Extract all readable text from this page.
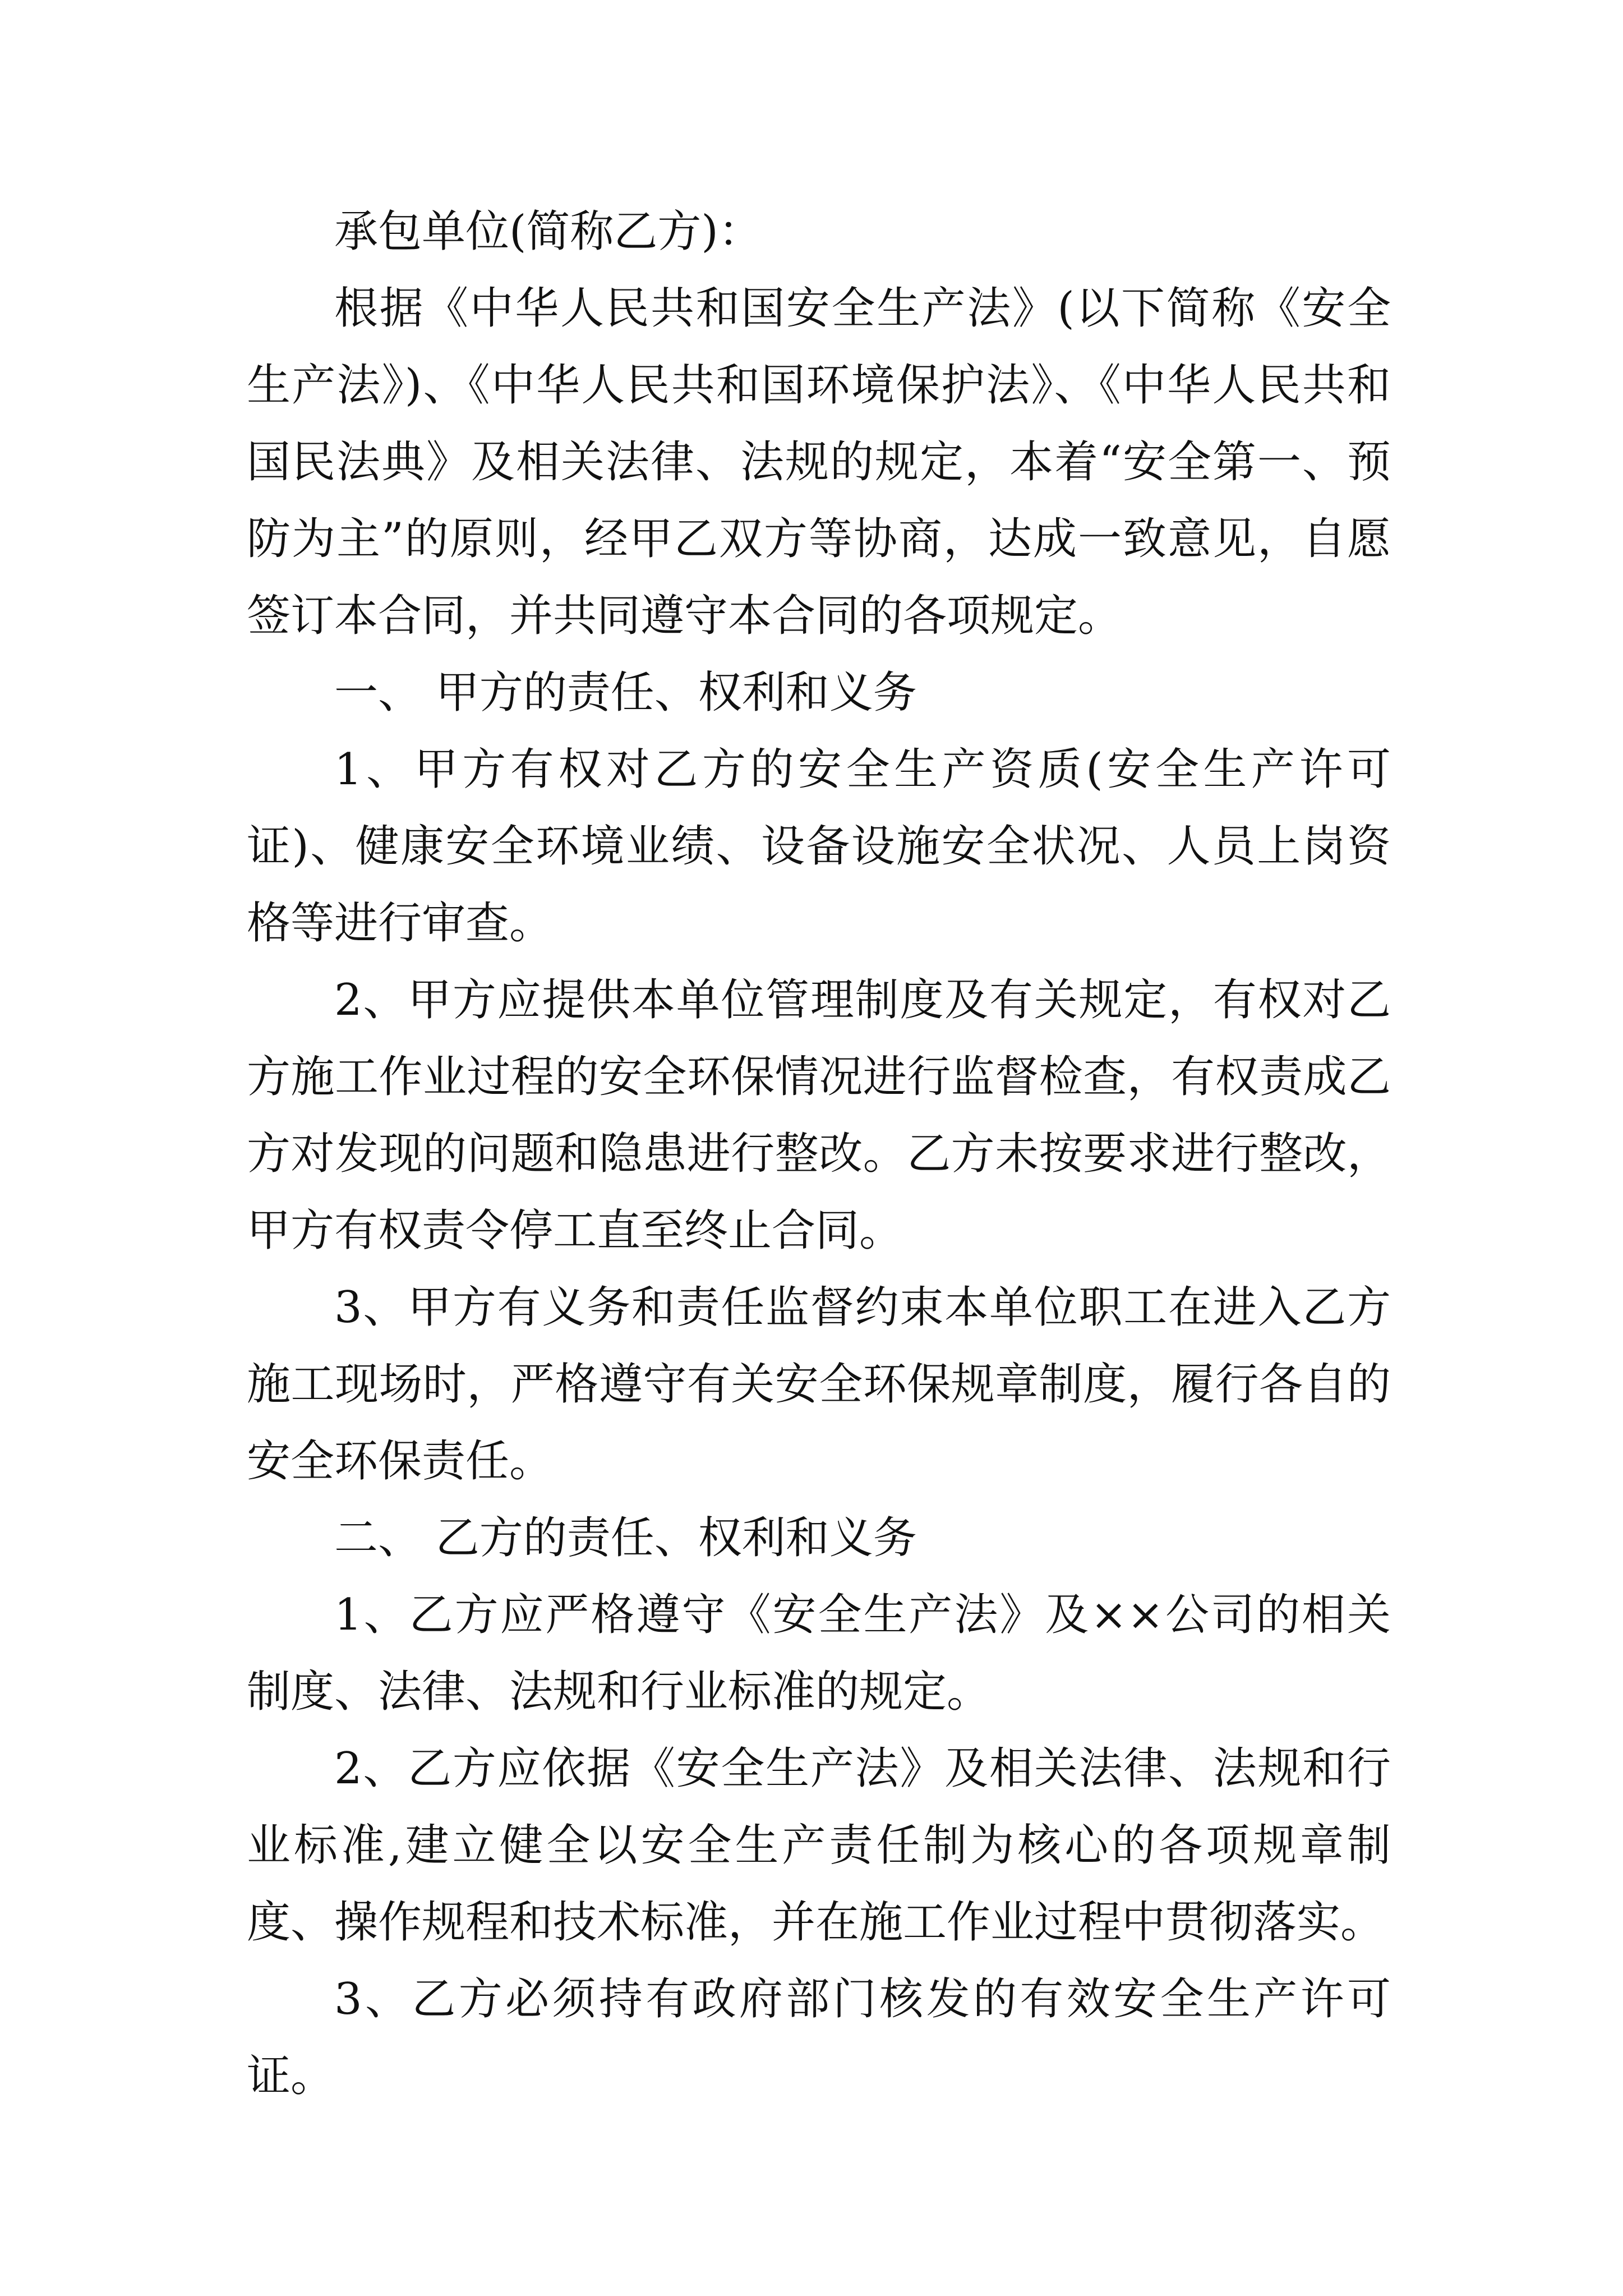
承包单位(简称乙方)：

根据《中华人民共和国安全生产法》(以下简称《安全生产法》)、《中华人民共和国环境保护法》、《中华人民共和国民法典》及相关法律、法规的规定，本着“安全第一、预防为主”的原则，经甲乙双方等协商，达成一致意见，自愿签订本合同，并共同遵守本合同的各项规定。

一、 甲方的责任、权利和义务

1、甲方有权对乙方的安全生产资质(安全生产许可证)、健康安全环境业绩、设备设施安全状况、人员上岗资格等进行审查。

2、甲方应提供本单位管理制度及有关规定，有权对乙方施工作业过程的安全环保情况进行监督检查，有权责成乙方对发现的问题和隐患进行整改。乙方未按要求进行整改，甲方有权责令停工直至终止合同。

3、甲方有义务和责任监督约束本单位职工在进入乙方施工现场时，严格遵守有关安全环保规章制度，履行各自的安全环保责任。

二、 乙方的责任、权利和义务

1、乙方应严格遵守《安全生产法》及××公司的相关制度、法律、法规和行业标准的规定。

2、乙方应依据《安全生产法》及相关法律、法规和行业标准,建立健全以安全生产责任制为核心的各项规章制度、操作规程和技术标准，并在施工作业过程中贯彻落实。

3、乙方必须持有政府部门核发的有效安全生产许可证。
